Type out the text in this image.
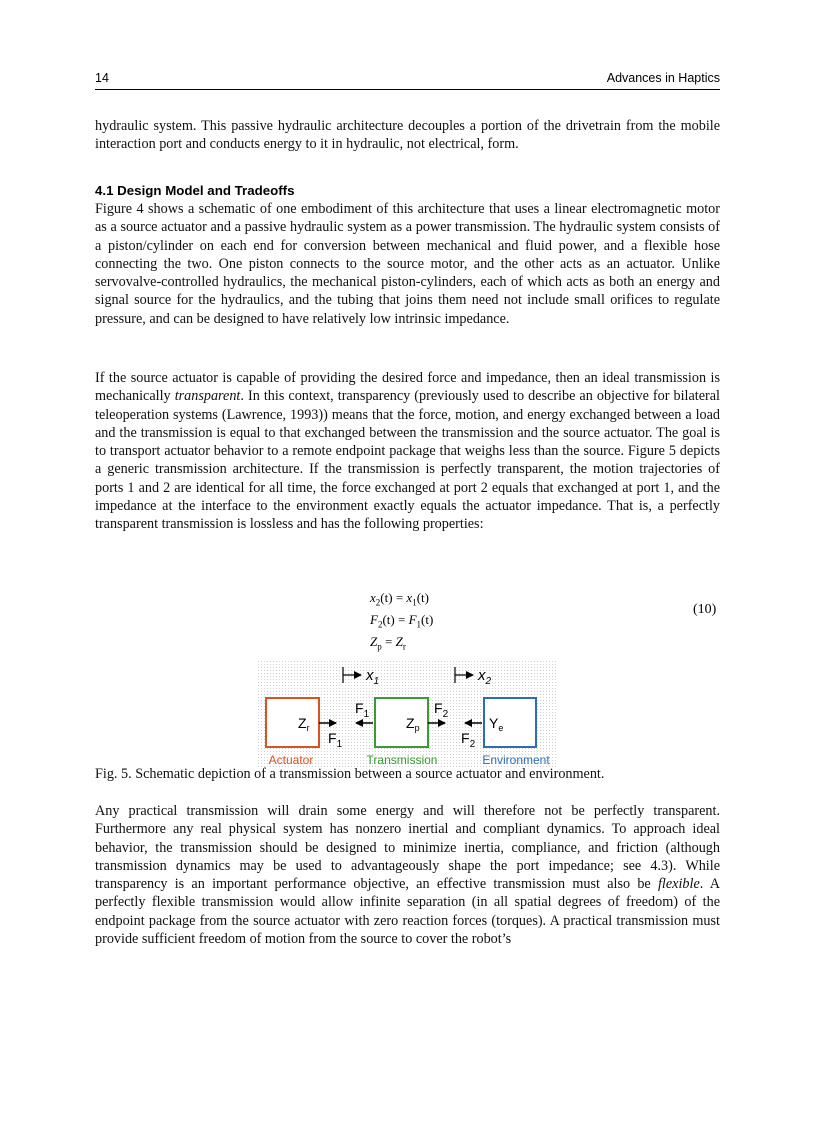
14	Advances in Haptics

hydraulic system. This passive hydraulic architecture decouples a portion of the drivetrain from the mobile interaction port and conducts energy to it in hydraulic, not electrical, form.

4.1 Design Model and Tradeoffs

Figure 4 shows a schematic of one embodiment of this architecture that uses a linear electromagnetic motor as a source actuator and a passive hydraulic system as a power transmission. The hydraulic system consists of a piston/cylinder on each end for conversion between mechanical and fluid power, and a flexible hose connecting the two. One piston connects to the source motor, and the other acts as an actuator. Unlike servovalve-controlled hydraulics, the mechanical piston-cylinders, each of which acts as both an energy and signal source for the hydraulics, and the tubing that joins them need not include small orifices to regulate pressure, and can be designed to have relatively low intrinsic impedance.

If the source actuator is capable of providing the desired force and impedance, then an ideal transmission is mechanically transparent. In this context, transparency (previously used to describe an objective for bilateral teleoperation systems (Lawrence, 1993)) means that the force, motion, and energy exchanged between a load and the transmission is equal to that exchanged between the transmission and the source actuator. The goal is to transport actuator behavior to a remote endpoint package that weighs less than the source. Figure 5 depicts a generic transmission architecture. If the transmission is perfectly transparent, the motion trajectories of ports 1 and 2 are identical for all time, the force exchanged at port 2 equals that exchanged at port 1, and the impedance at the interface to the environment exactly equals the actuator impedance. That is, a perfectly transparent transmission is lossless and has the following properties:

$x_2(t) = x_1(t)$
$F_2(t) = F_1(t)$
$Z_p = Z_r$
(10)
$x_1$	$x_2$
$Z_r$	$Z_p$	$Y_e$
$F_1$
$F_1$
$F_2$
$F_2$
Actuator	Transmission	Environment
Fig. 5. Schematic depiction of a transmission between a source actuator and environment.

Any practical transmission will drain some energy and will therefore not be perfectly transparent. Furthermore any real physical system has nonzero inertial and compliant dynamics. To approach ideal behavior, the transmission should be designed to minimize inertia, compliance, and friction (although transmission dynamics may be used to advantageously shape the port impedance; see 4.3). While transparency is an important performance objective, an effective transmission must also be flexible. A perfectly flexible transmission would allow infinite separation (in all spatial degrees of freedom) of the endpoint package from the source actuator with zero reaction forces (torques). A practical transmission must provide sufficient freedom of motion from the source to cover the robot’s
